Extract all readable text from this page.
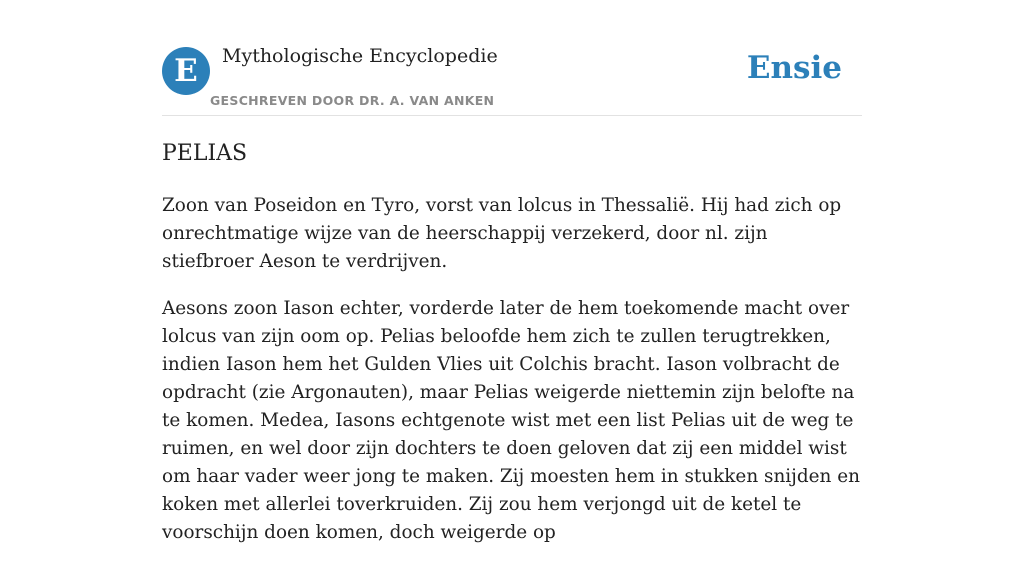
E	Mythologische Encyclopedie
GESCHREVEN DOOR DR. A. VAN ANKEN
Ensie
PELIAS

Zoon van Poseidon en Tyro, vorst van lolcus in Thessalië. Hij had zich op onrechtmatige wijze van de heerschappij verzekerd, door nl. zijn stiefbroer Aeson te verdrijven.

Aesons zoon Iason echter, vorderde later de hem toekomende macht over lolcus van zijn oom op. Pelias beloofde hem zich te zullen terugtrekken, indien Iason hem het Gulden Vlies uit Colchis bracht. Iason volbracht de opdracht (zie Argonauten), maar Pelias weigerde niettemin zijn belofte na te komen. Medea, Iasons echtgenote wist met een list Pelias uit de weg te ruimen, en wel door zijn dochters te doen geloven dat zij een middel wist om haar vader weer jong te maken. Zij moesten hem in stukken snijden en koken met allerlei toverkruiden. Zij zou hem verjongd uit de ketel te voorschijn doen komen, doch weigerde op
